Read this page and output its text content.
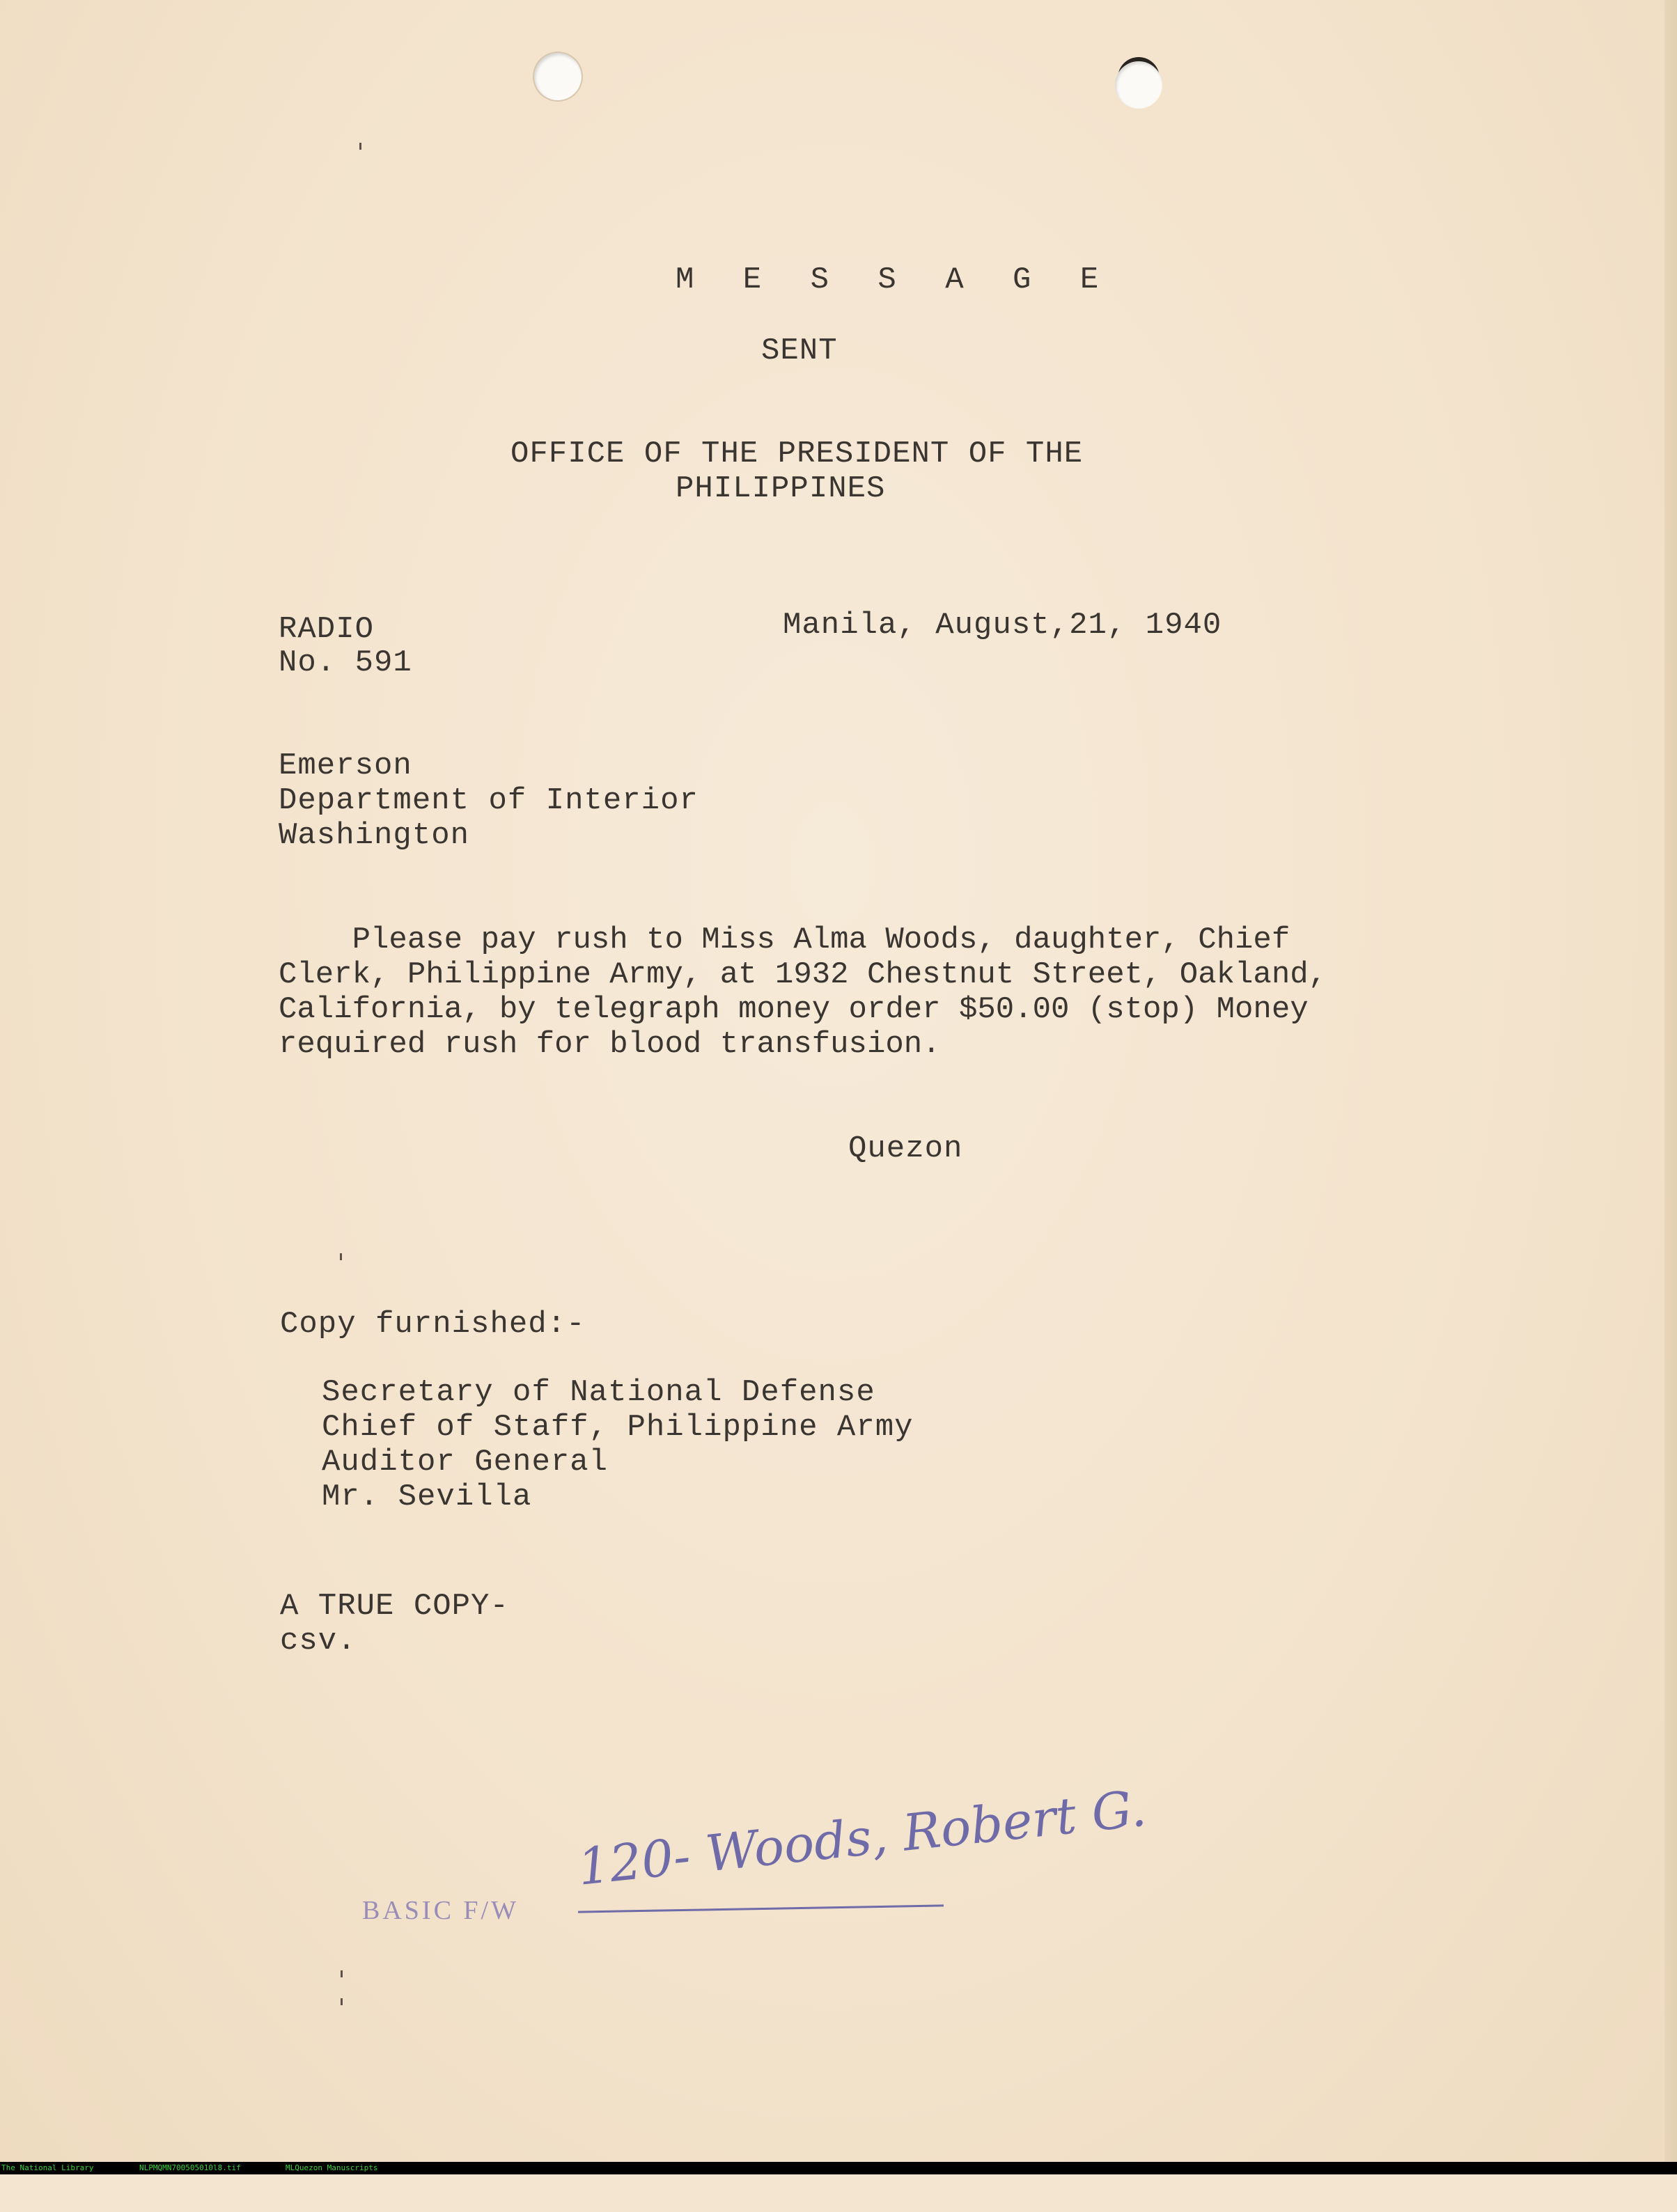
M E S S A G E
SENT
OFFICE OF THE PRESIDENT OF THE
PHILIPPINES
RADIO
No. 591
Manila, August,21, 1940
Emerson
Department of Interior
Washington
Please pay rush to Miss Alma Woods, daughter, Chief
Clerk, Philippine Army, at 1932 Chestnut Street, Oakland,
California, by telegraph money order $50.00 (stop) Money
required rush for blood transfusion.
Quezon
Copy furnished:-
Secretary of National Defense
Chief of Staff, Philippine Army
Auditor General
Mr. Sevilla
A TRUE COPY-
csv.
BASIC F/W
120- Woods, Robert G.

The National Library

	NLPMQMN700505010l8.tif

	MLQuezon Manuscripts
